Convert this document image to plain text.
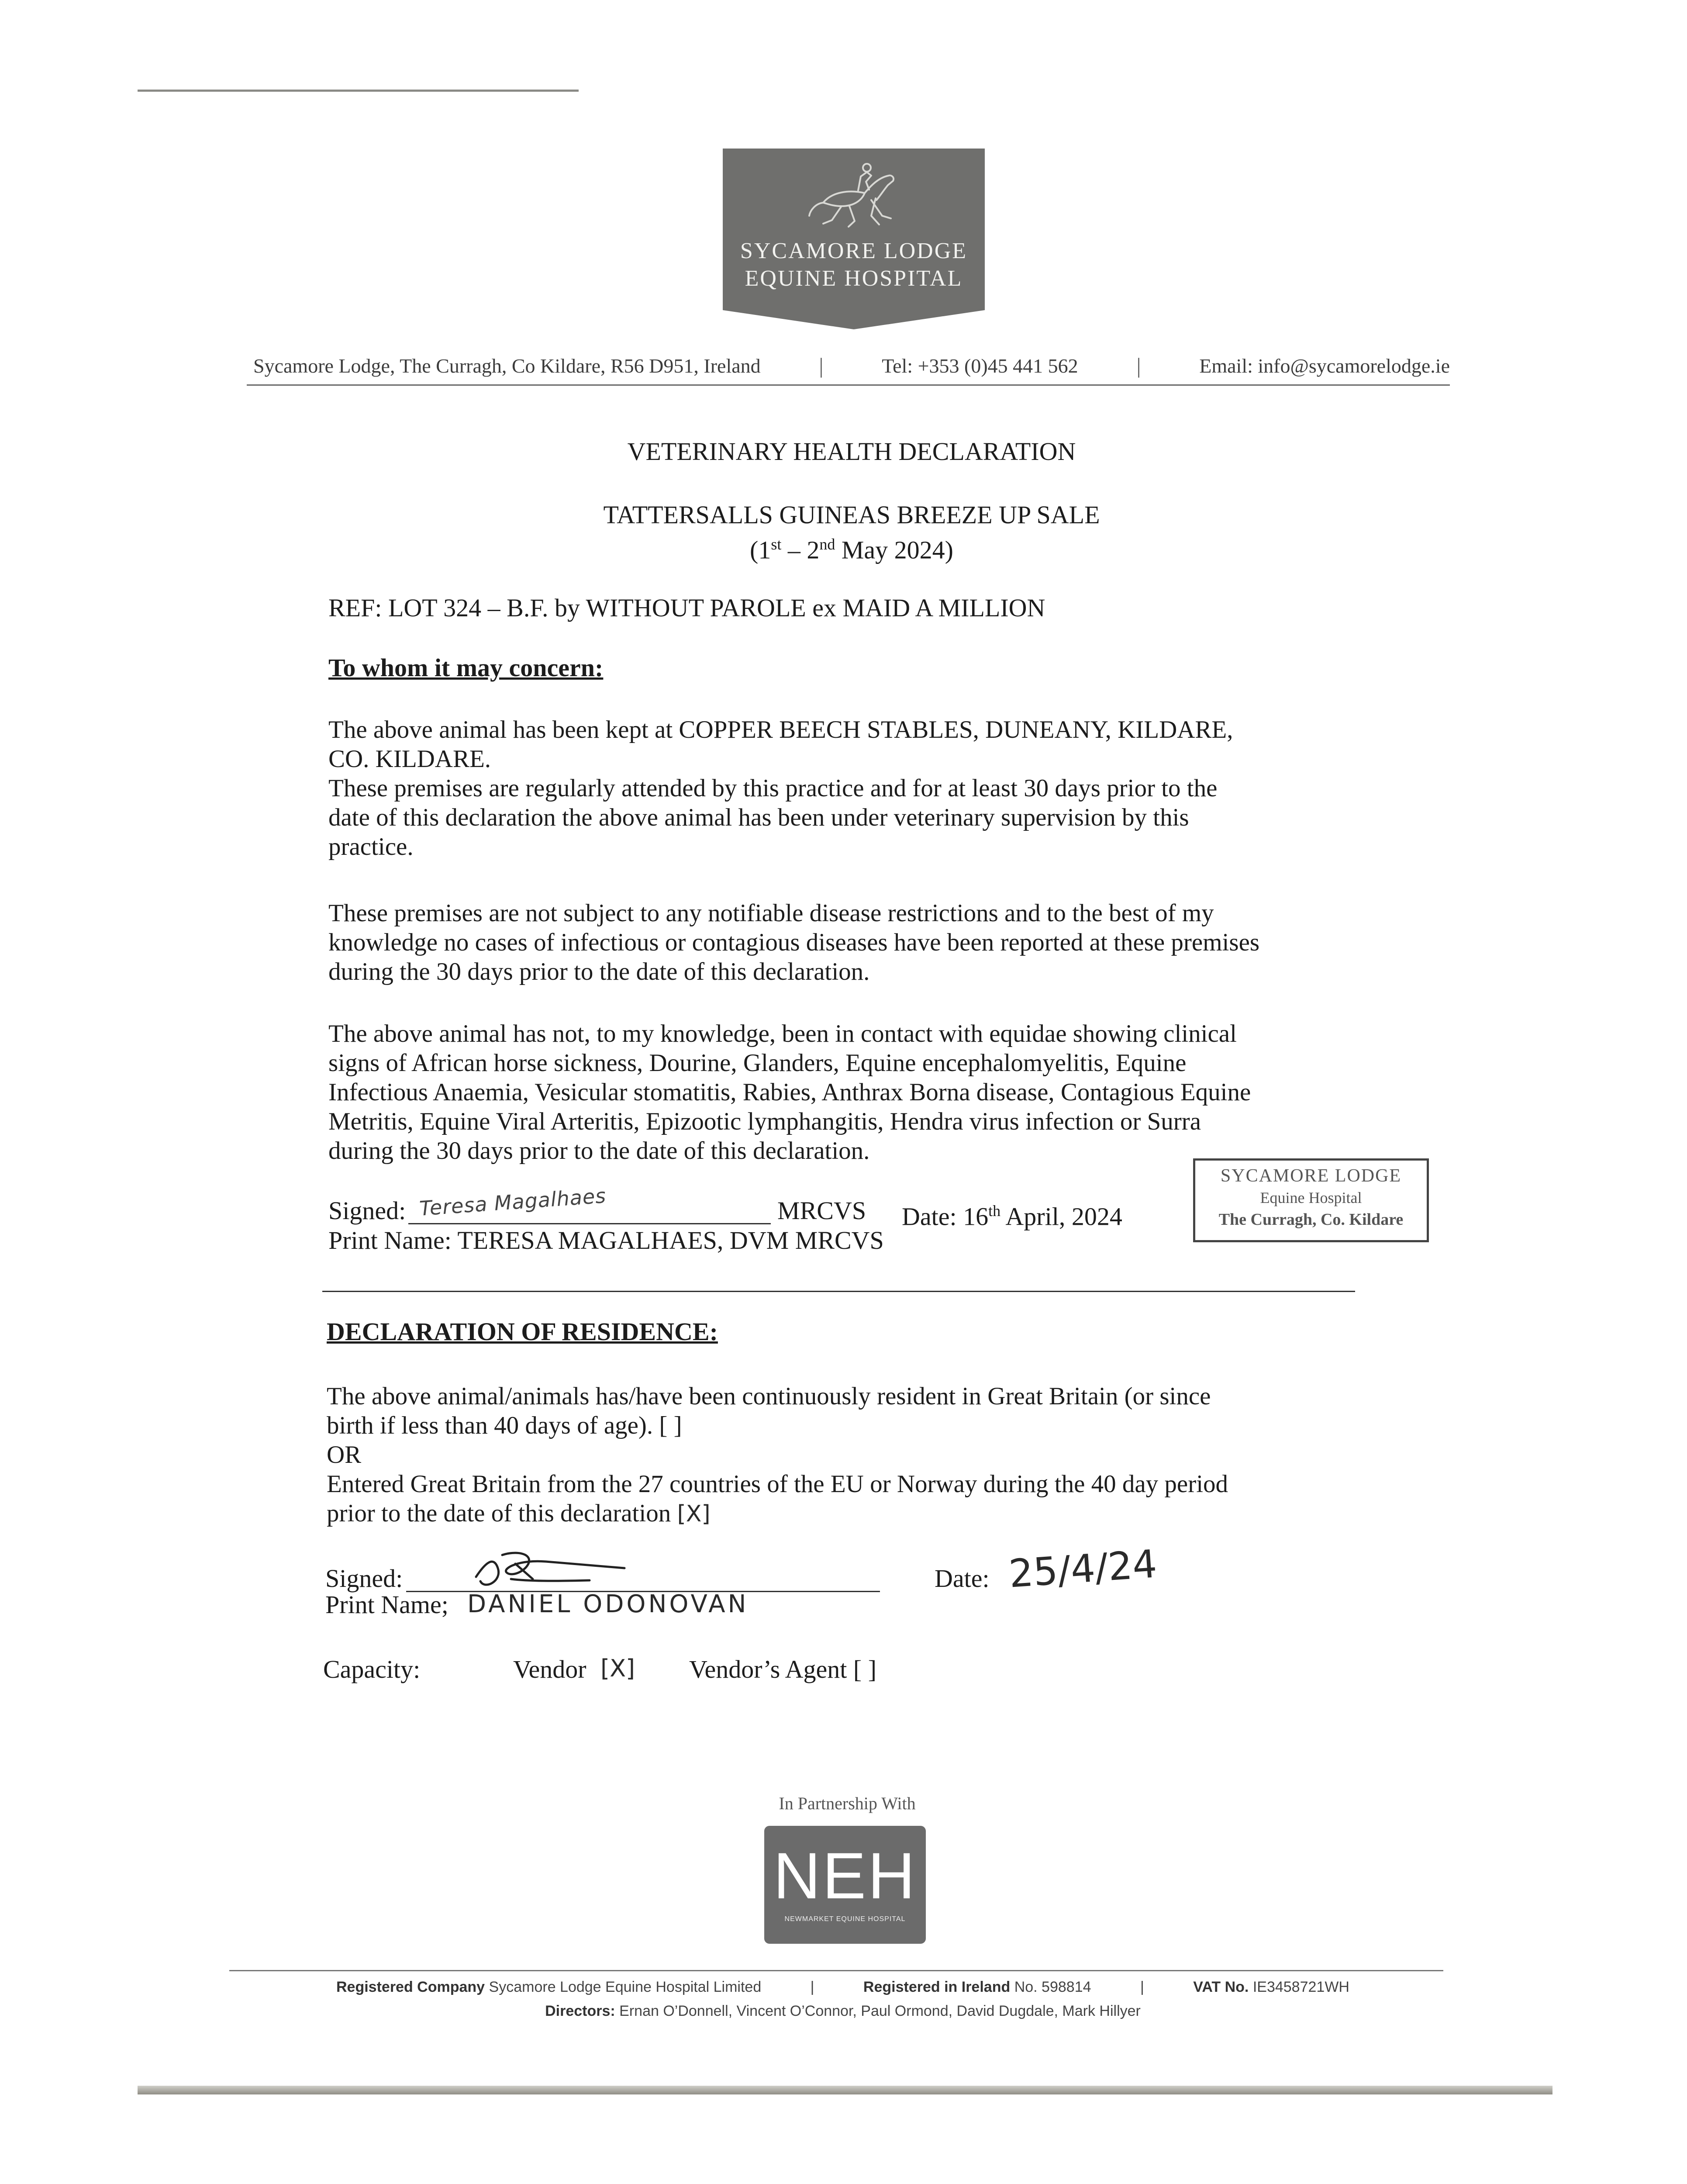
SYCAMORE LODGE
EQUINE HOSPITAL
Sycamore Lodge, The Curragh, Co Kildare, R56 D951, Ireland	|	Tel: +353 (0)45 441 562	|	Email: info@sycamorelodge.ie
VETERINARY HEALTH DECLARATION
TATTERSALLS GUINEAS BREEZE UP SALE
(1st – 2nd May 2024)
REF: LOT 324 – B.F. by WITHOUT PAROLE ex MAID A MILLION
To whom it may concern:
The above animal has been kept at COPPER BEECH STABLES, DUNEANY, KILDARE,
CO. KILDARE.
These premises are regularly attended by this practice and for at least 30 days prior to the
date of this declaration the above animal has been under veterinary supervision by this
practice.
These premises are not subject to any notifiable disease restrictions and to the best of my
knowledge no cases of infectious or contagious diseases have been reported at these premises
during the 30 days prior to the date of this declaration.
The above animal has not, to my knowledge, been in contact with equidae showing clinical
signs of African horse sickness, Dourine, Glanders, Equine encephalomyelitis, Equine
Infectious Anaemia, Vesicular stomatitis, Rabies, Anthrax Borna disease, Contagious Equine
Metritis, Equine Viral Arteritis, Epizootic lymphangitis, Hendra virus infection or Surra
during the 30 days prior to the date of this declaration.
Signed: Teresa Magalhaes	MRCVS Date: 16th April, 2024
Print Name: TERESA MAGALHAES, DVM MRCVS
SYCAMORE LODGE
Equine Hospital
The Curragh, Co. Kildare
DECLARATION OF RESIDENCE:
The above animal/animals has/have been continuously resident in Great Britain (or since
birth if less than 40 days of age). [ ]
OR
Entered Great Britain from the 27 countries of the EU or Norway during the 40 day period
prior to the date of this declaration [X]
Signed:	Date: 25/4/24
Print Name; DANIEL ODONOVAN
Capacity:	Vendor [X] Vendor’s Agent [ ]
In Partnership With
NEH
NEWMARKET EQUINE HOSPITAL
Registered Company Sycamore Lodge Equine Hospital Limited	|	Registered in Ireland No. 598814	|	VAT No. IE3458721WH
Directors: Ernan O’Donnell, Vincent O’Connor, Paul Ormond, David Dugdale, Mark Hillyer
